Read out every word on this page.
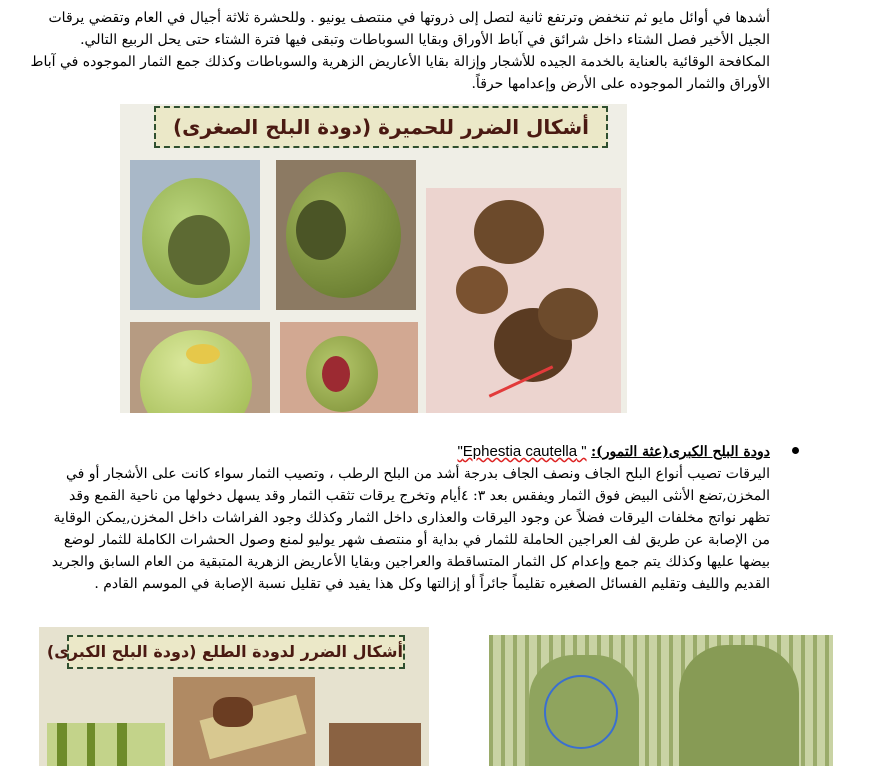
أشدها في أوائل مايو ثم تنخفض وترتفع ثانية لتصل إلى ذروتها في منتصف يونيو . وللحشرة ثلاثة أجيال في العام وتقضي يرقات
الجيل الأخير فصل الشتاء داخل شرائق في آباط الأوراق وبقايا السوباطات وتبقى فيها فترة الشتاء حتى يحل الربيع التالي.
المكافحة الوقائية بالعناية بالخدمة الجيده للأشجار وإزالة بقايا الأعاريض الزهرية والسوباطات وكذلك جمع الثمار الموجوده في آباط
الأوراق والثمار الموجوده على الأرض وإعدامها حرقاً.
أشكال الضرر للحميرة (دودة البلح الصغرى)
دودة البلح الكبرى(عثة التمور): " Ephestia cautella"
اليرقات تصيب أنواع البلح الجاف ونصف الجاف بدرجة أشد من البلح الرطب ، وتصيب الثمار سواء كانت على الأشجار أو في
المخزن,تضع الأنثى البيض فوق الثمار ويفقس بعد ٣: ٤أيام وتخرج يرقات تثقب الثمار وقد يسهل دخولها من ناحية القمع وقد
تظهر نواتج مخلفات اليرقات فضلاً عن وجود اليرقات والعذارى داخل الثمار وكذلك وجود الفراشات داخل المخزن,يمكن الوقاية
من الإصابة عن طريق لف العراجين الحاملة للثمار في بداية أو منتصف شهر يوليو لمنع وصول الحشرات الكاملة للثمار لوضع
بيضها عليها وكذلك يتم جمع وإعدام كل الثمار المتساقطة والعراجين وبقايا الأعاريض الزهرية المتبقية من العام السابق والجريد
القديم والليف وتقليم الفسائل الصغيره تقليماً جائراً أو إزالتها وكل هذا يفيد في تقليل نسبة الإصابة في الموسم القادم .
أشكال الضرر لدودة الطلع (دودة البلح الكبرى)
